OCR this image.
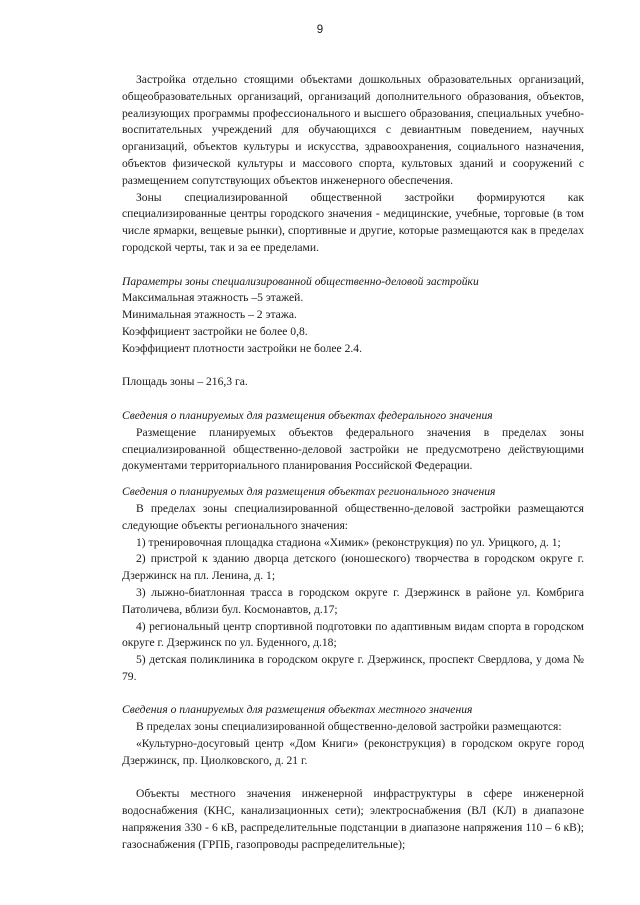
9

Застройка отдельно стоящими объектами дошкольных образовательных организаций, общеобразовательных организаций, организаций дополнительного образования, объектов, реализующих программы профессионального и высшего образования, специальных учебно-воспитательных учреждений для обучающихся с девиантным поведением, научных организаций, объектов культуры и искусства, здравоохранения, социального назначения, объектов физической культуры и массового спорта, культовых зданий и сооружений с размещением сопутствующих объектов инженерного обеспечения.

Зоны специализированной общественной застройки формируются как специализированные центры городского значения - медицинские, учебные, торговые (в том числе ярмарки, вещевые рынки), спортивные и другие, которые размещаются как в пределах городской черты, так и за ее пределами.

Параметры зоны специализированной общественно-деловой застройки

Максимальная этажность –5 этажей.

Минимальная этажность – 2 этажа.

Коэффициент застройки не более 0,8.

Коэффициент плотности застройки не более 2.4.

Площадь зоны – 216,3 га.

Сведения о планируемых для размещения объектах федерального значения

Размещение планируемых объектов федерального значения в пределах зоны специализированной общественно-деловой застройки не предусмотрено действующими документами территориального планирования Российской Федерации.

Сведения о планируемых для размещения объектах регионального значения

В пределах зоны специализированной общественно-деловой застройки размещаются следующие объекты регионального значения:

1) тренировочная площадка стадиона «Химик» (реконструкция) по ул. Урицкого, д. 1;

2) пристрой к зданию дворца детского (юношеского) творчества в городском округе г. Дзержинск на пл. Ленина, д. 1;

3) лыжно-биатлонная трасса в городском округе г. Дзержинск в районе ул. Комбрига Патоличева, вблизи бул. Космонавтов, д.17;

4) региональный центр спортивной подготовки по адаптивным видам спорта в городском округе г. Дзержинск по ул. Буденного, д.18;

5) детская поликлиника в городском округе г. Дзержинск, проспект Свердлова, у дома № 79.

Сведения о планируемых для размещения объектах местного значения

В пределах зоны специализированной общественно-деловой застройки размещаются:

«Культурно-досуговый центр «Дом Книги» (реконструкция) в городском округе город Дзержинск, пр. Циолковского, д. 21 г.

Объекты местного значения инженерной инфраструктуры в сфере инженерной водоснабжения (КНС, канализационных сети); электроснабжения (ВЛ (КЛ) в диапазоне напряжения 330 - 6 кВ, распределительные подстанции в диапазоне напряжения 110 – 6 кВ); газоснабжения (ГРПБ, газопроводы распределительные);
